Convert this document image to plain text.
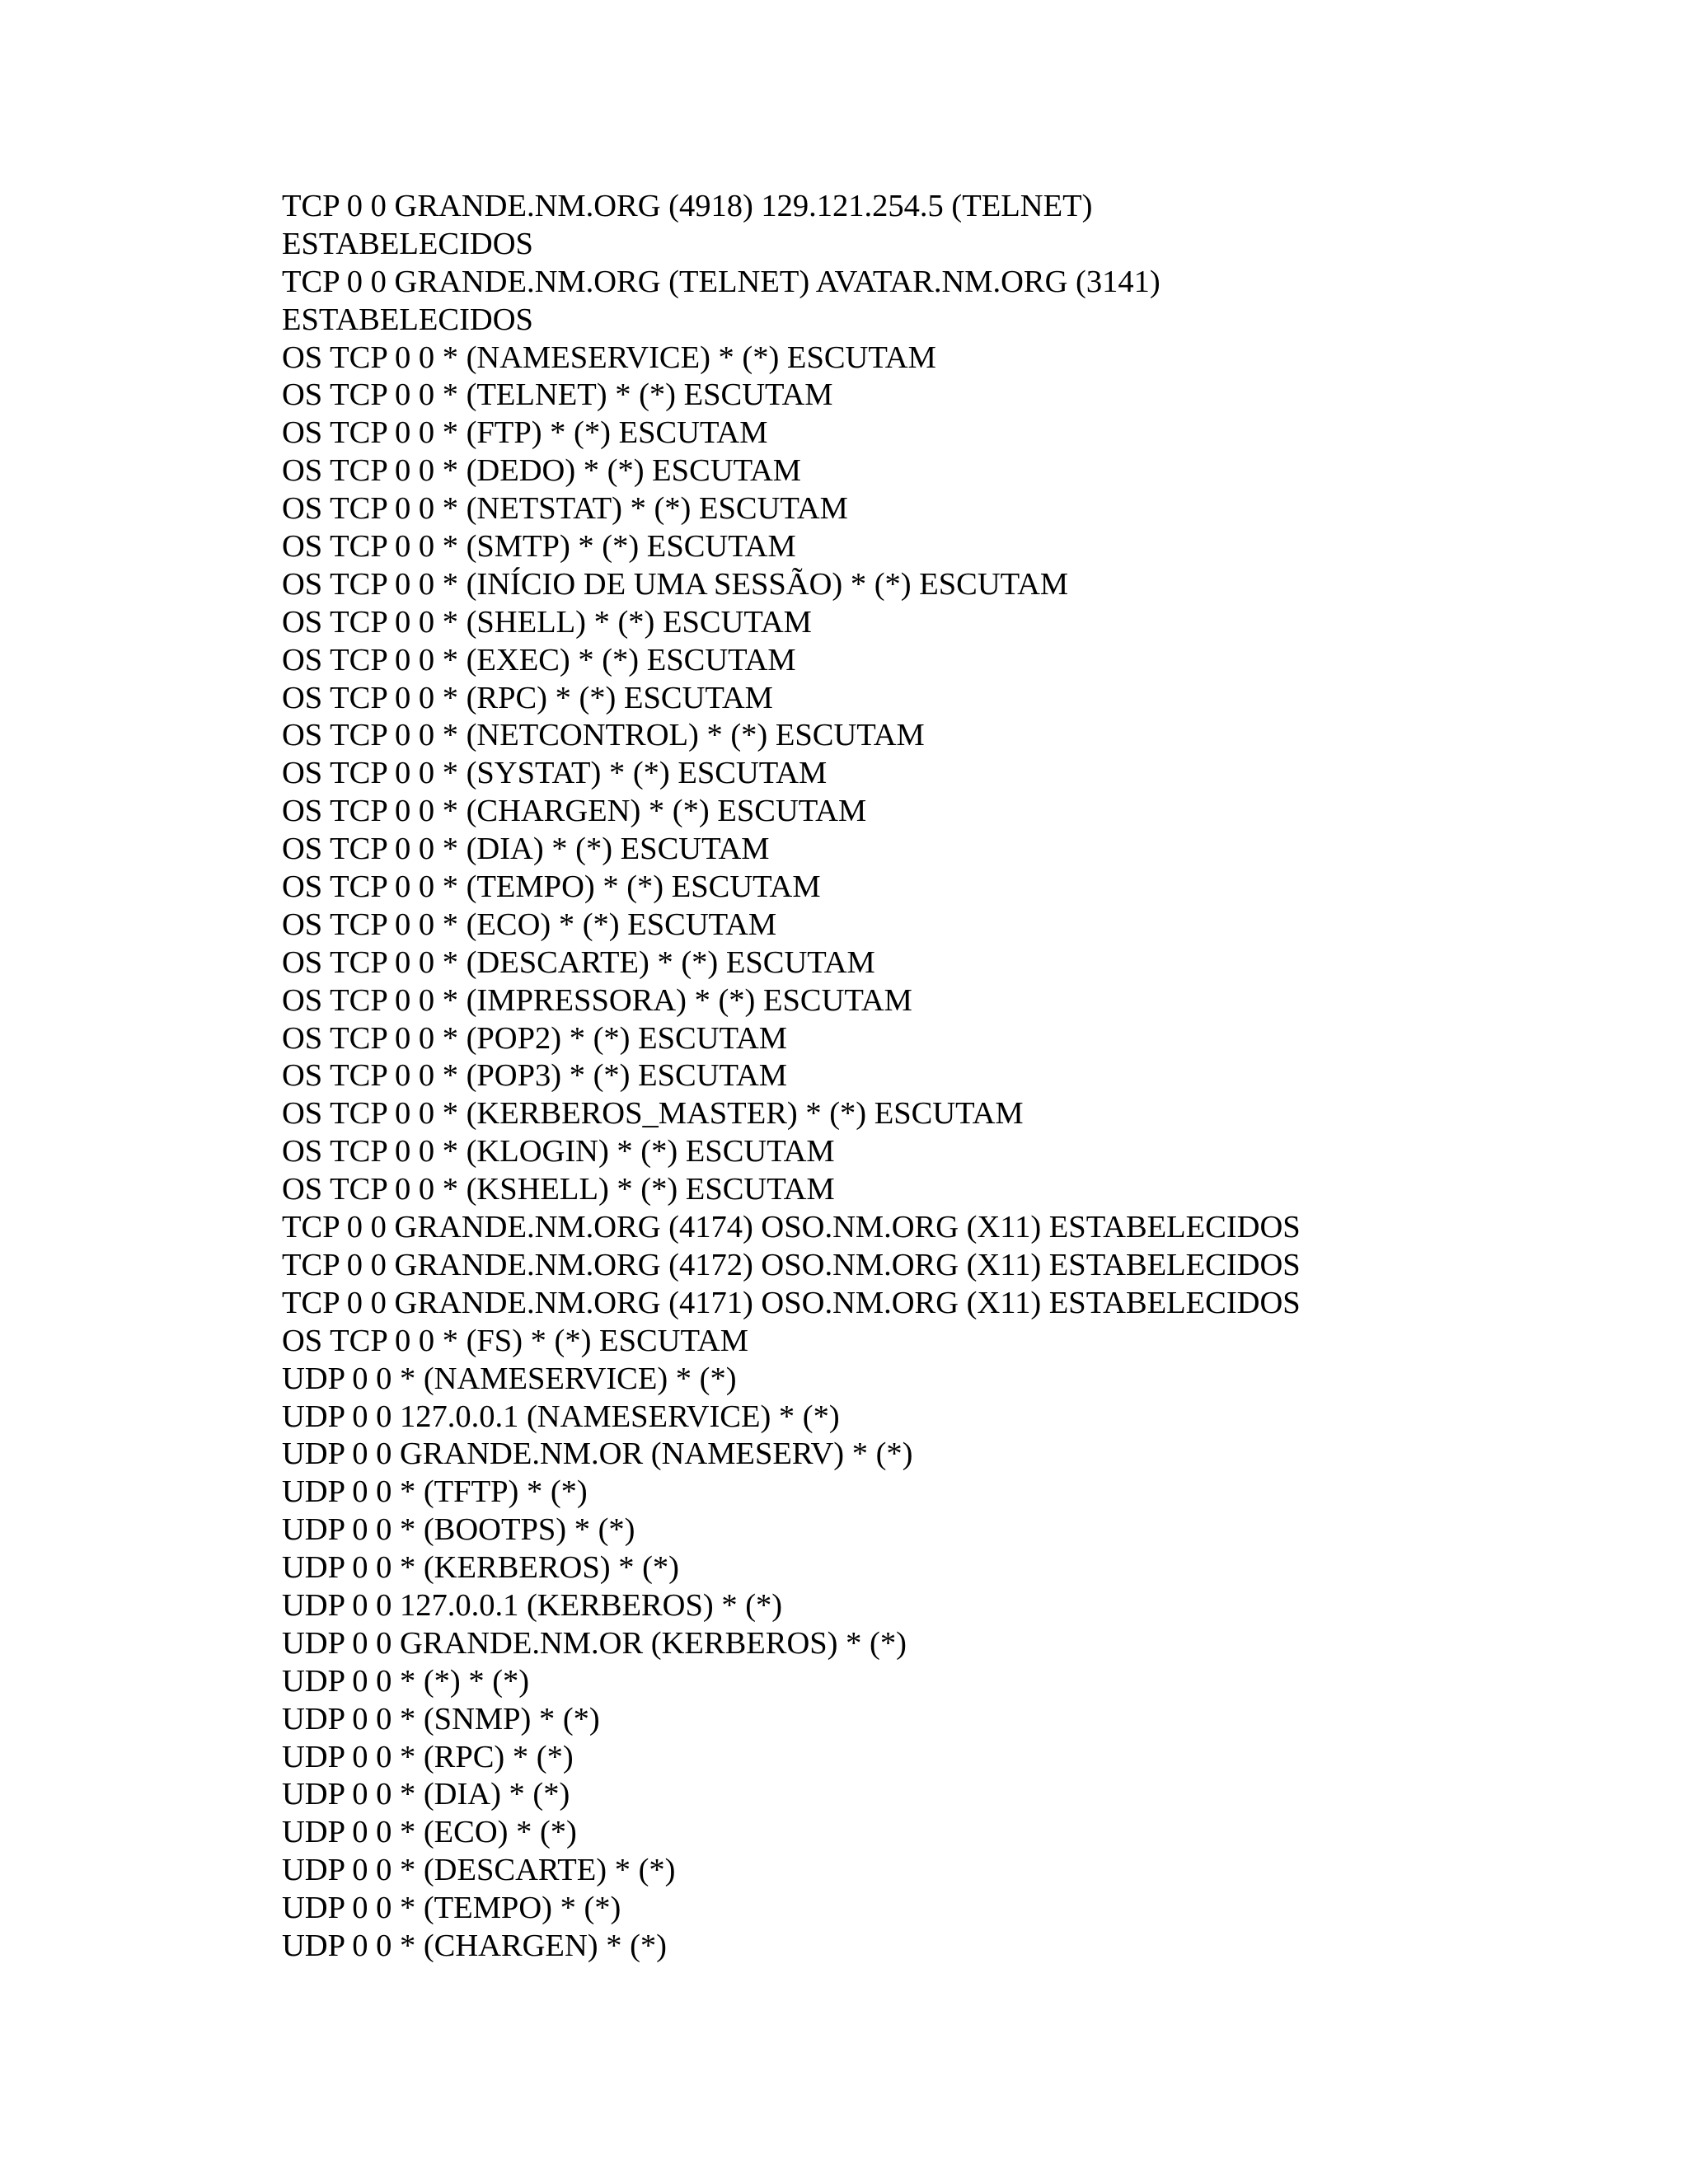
TCP 0 0 GRANDE.NM.ORG (4918) 129.121.254.5 (TELNET)
ESTABELECIDOS
TCP 0 0 GRANDE.NM.ORG (TELNET) AVATAR.NM.ORG (3141)
ESTABELECIDOS
OS TCP 0 0 * (NAMESERVICE) * (*) ESCUTAM
OS TCP 0 0 * (TELNET) * (*) ESCUTAM
OS TCP 0 0 * (FTP) * (*) ESCUTAM
OS TCP 0 0 * (DEDO) * (*) ESCUTAM
OS TCP 0 0 * (NETSTAT) * (*) ESCUTAM
OS TCP 0 0 * (SMTP) * (*) ESCUTAM
OS TCP 0 0 * (INÍCIO DE UMA SESSÃO) * (*) ESCUTAM
OS TCP 0 0 * (SHELL) * (*) ESCUTAM
OS TCP 0 0 * (EXEC) * (*) ESCUTAM
OS TCP 0 0 * (RPC) * (*) ESCUTAM
OS TCP 0 0 * (NETCONTROL) * (*) ESCUTAM
OS TCP 0 0 * (SYSTAT) * (*) ESCUTAM
OS TCP 0 0 * (CHARGEN) * (*) ESCUTAM
OS TCP 0 0 * (DIA) * (*) ESCUTAM
OS TCP 0 0 * (TEMPO) * (*) ESCUTAM
OS TCP 0 0 * (ECO) * (*) ESCUTAM
OS TCP 0 0 * (DESCARTE) * (*) ESCUTAM
OS TCP 0 0 * (IMPRESSORA) * (*) ESCUTAM
OS TCP 0 0 * (POP2) * (*) ESCUTAM
OS TCP 0 0 * (POP3) * (*) ESCUTAM
OS TCP 0 0 * (KERBEROS_MASTER) * (*) ESCUTAM
OS TCP 0 0 * (KLOGIN) * (*) ESCUTAM
OS TCP 0 0 * (KSHELL) * (*) ESCUTAM
TCP 0 0 GRANDE.NM.ORG (4174) OSO.NM.ORG (X11) ESTABELECIDOS
TCP 0 0 GRANDE.NM.ORG (4172) OSO.NM.ORG (X11) ESTABELECIDOS
TCP 0 0 GRANDE.NM.ORG (4171) OSO.NM.ORG (X11) ESTABELECIDOS
OS TCP 0 0 * (FS) * (*) ESCUTAM
UDP 0 0 * (NAMESERVICE) * (*)
UDP 0 0 127.0.0.1 (NAMESERVICE) * (*)
UDP 0 0 GRANDE.NM.OR (NAMESERV) * (*)
UDP 0 0 * (TFTP) * (*)
UDP 0 0 * (BOOTPS) * (*)
UDP 0 0 * (KERBEROS) * (*)
UDP 0 0 127.0.0.1 (KERBEROS) * (*)
UDP 0 0 GRANDE.NM.OR (KERBEROS) * (*)
UDP 0 0 * (*) * (*)
UDP 0 0 * (SNMP) * (*)
UDP 0 0 * (RPC) * (*)
UDP 0 0 * (DIA) * (*)
UDP 0 0 * (ECO) * (*)
UDP 0 0 * (DESCARTE) * (*)
UDP 0 0 * (TEMPO) * (*)
UDP 0 0 * (CHARGEN) * (*)
